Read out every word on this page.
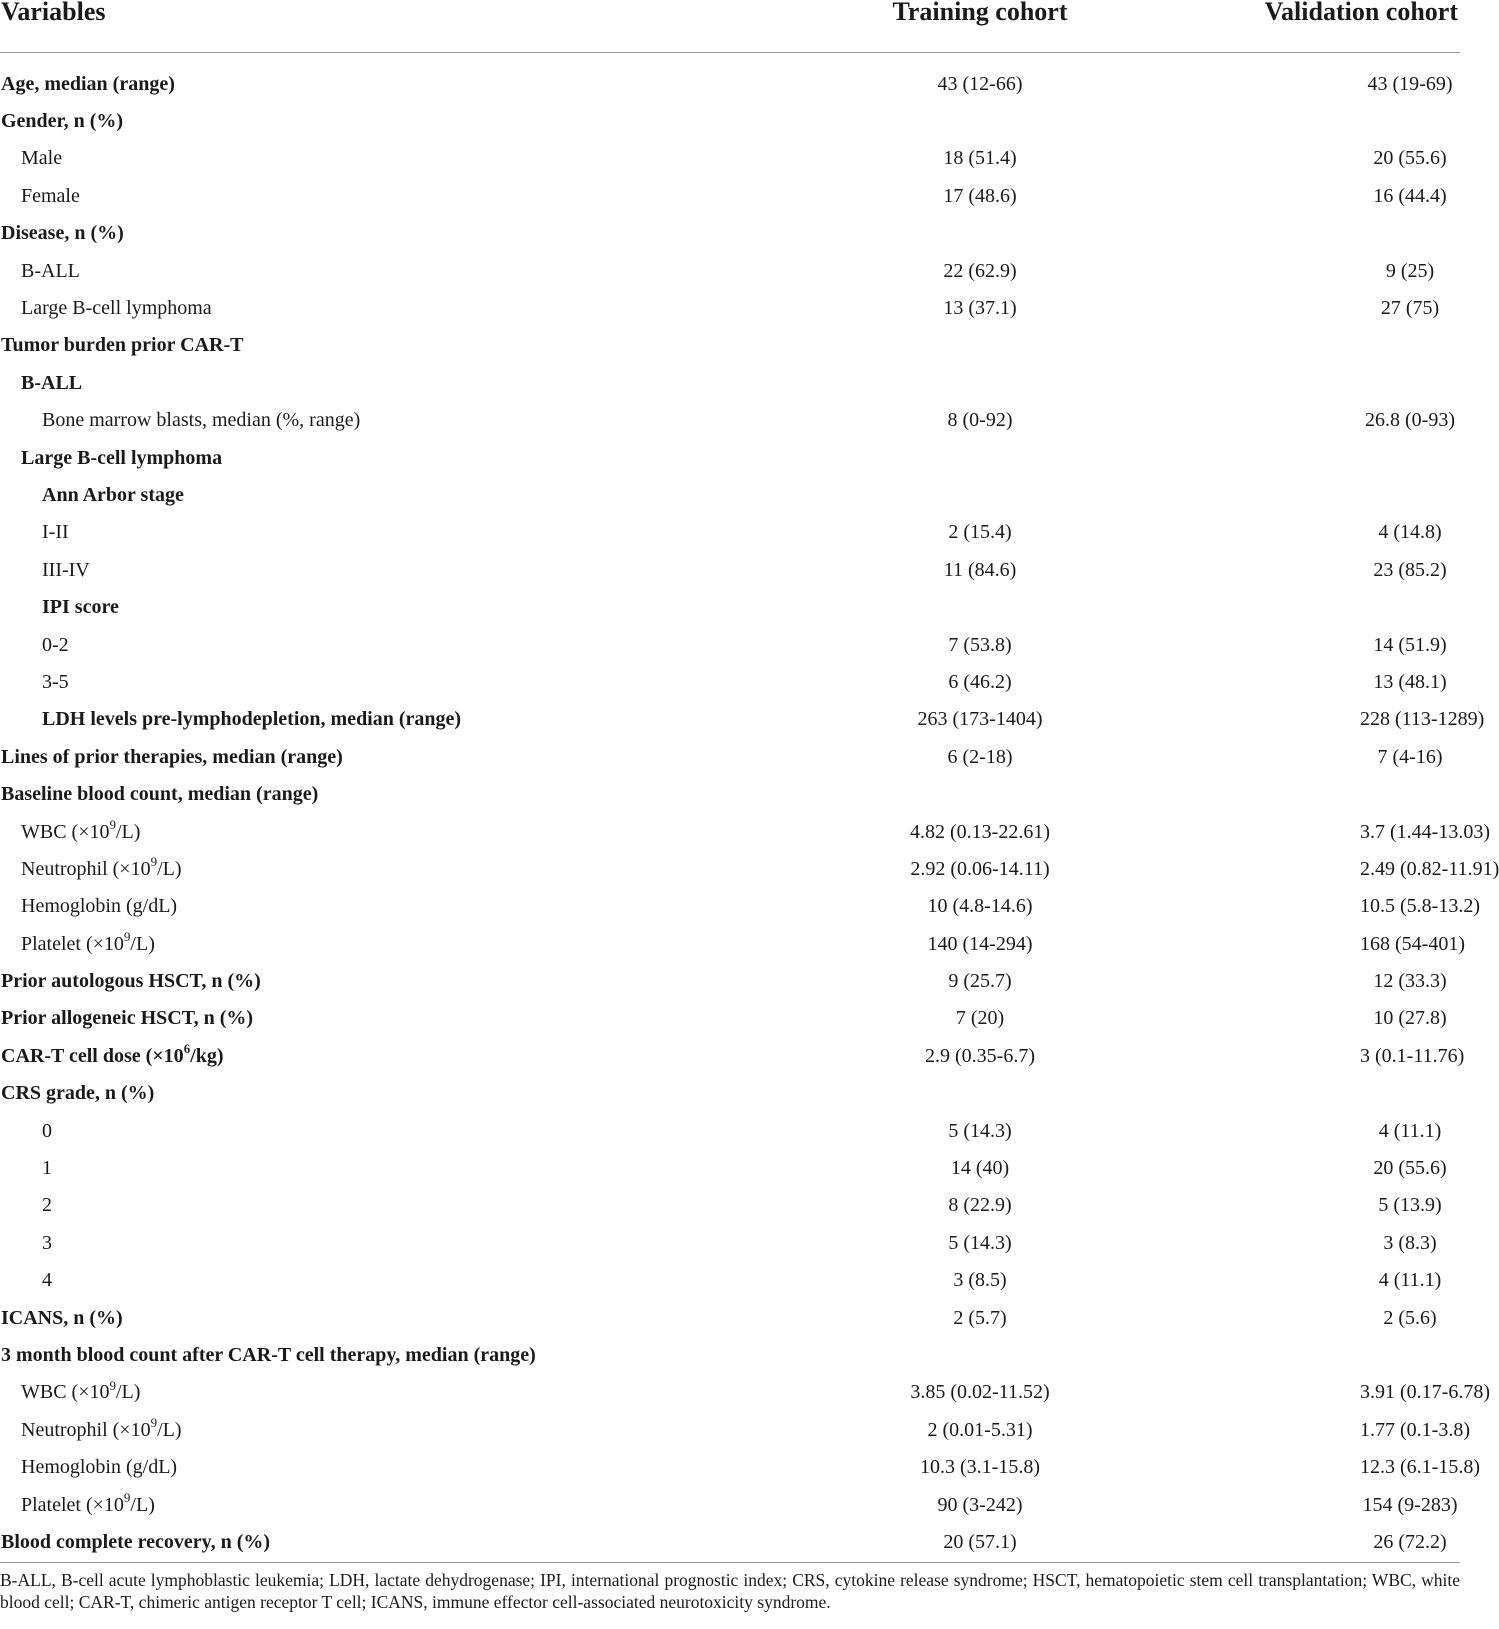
Variables	Training cohort	Validation cohort
Age, median (range)	43 (12-66)	43 (19-69)
Gender, n (%)		
Male	18 (51.4)	20 (55.6)
Female	17 (48.6)	16 (44.4)
Disease, n (%)		
B-ALL	22 (62.9)	9 (25)
Large B-cell lymphoma	13 (37.1)	27 (75)
Tumor burden prior CAR-T		
B-ALL		
Bone marrow blasts, median (%, range)	8 (0-92)	26.8 (0-93)
Large B-cell lymphoma		
Ann Arbor stage		
I-II	2 (15.4)	4 (14.8)
III-IV	11 (84.6)	23 (85.2)
IPI score		
0-2	7 (53.8)	14 (51.9)
3-5	6 (46.2)	13 (48.1)
LDH levels pre-lymphodepletion, median (range)	263 (173-1404)	228 (113-1289)
Lines of prior therapies, median (range)	6 (2-18)	7 (4-16)
Baseline blood count, median (range)		
WBC $(\times 10^9/L)$	4.82 (0.13-22.61)	3.7 (1.44-13.03)
Neutrophil $(\times 10^9/L)$	2.92 (0.06-14.11)	2.49 (0.82-11.91)
Hemoglobin (g/dL)	10 (4.8-14.6)	10.5 (5.8-13.2)
Platelet $(\times 10^9/L)$	140 (14-294)	168 (54-401)
Prior autologous HSCT, n (%)	9 (25.7)	12 (33.3)
Prior allogeneic HSCT, n (%)	7 (20)	10 (27.8)
CAR-T cell dose $(\times 10^6/kg)$	2.9 (0.35-6.7)	3 (0.1-11.76)
CRS grade, n (%)		
0	5 (14.3)	4 (11.1)
1	14 (40)	20 (55.6)
2	8 (22.9)	5 (13.9)
3	5 (14.3)	3 (8.3)
4	3 (8.5)	4 (11.1)
ICANS, n (%)	2 (5.7)	2 (5.6)
3 month blood count after CAR-T cell therapy, median (range)		
WBC $(\times 10^9/L)$	3.85 (0.02-11.52)	3.91 (0.17-6.78)
Neutrophil $(\times 10^9/L)$	2 (0.01-5.31)	1.77 (0.1-3.8)
Hemoglobin (g/dL)	10.3 (3.1-15.8)	12.3 (6.1-15.8)
Platelet $(\times 10^9/L)$	90 (3-242)	154 (9-283)
Blood complete recovery, n (%)	20 (57.1)	26 (72.2)
B-ALL, B-cell acute lymphoblastic leukemia; LDH, lactate dehydrogenase; IPI, international prognostic index; CRS, cytokine release syndrome; HSCT, hematopoietic stem cell transplantation; WBC, white blood cell; CAR-T, chimeric antigen receptor T cell; ICANS, immune effector cell-associated neurotoxicity syndrome.
